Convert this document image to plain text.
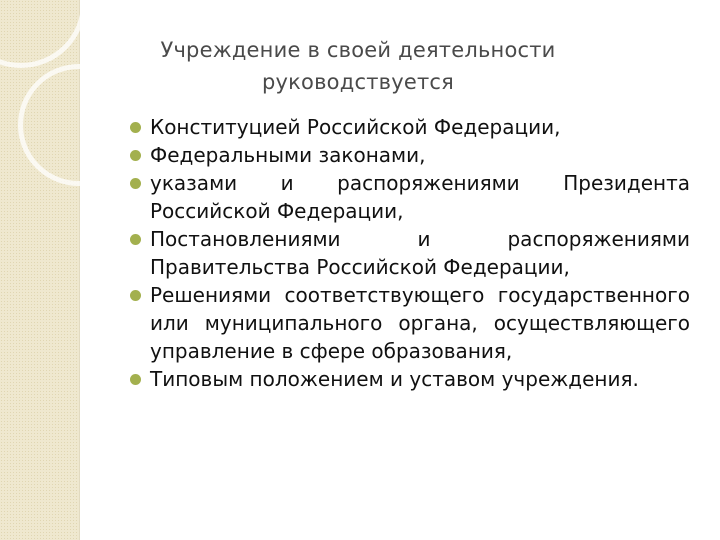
Учреждение в своей деятельности руководствуется
Конституцией Российской Федерации,
Федеральными законами,
указами и распоряжениями Президента Российской Федерации,
Постановлениями и распоряжениями Правительства Российской Федерации,
Решениями соответствующего государственного или муниципального органа, осуществляющего управление в сфере образования,
Типовым положением и уставом учреждения.
